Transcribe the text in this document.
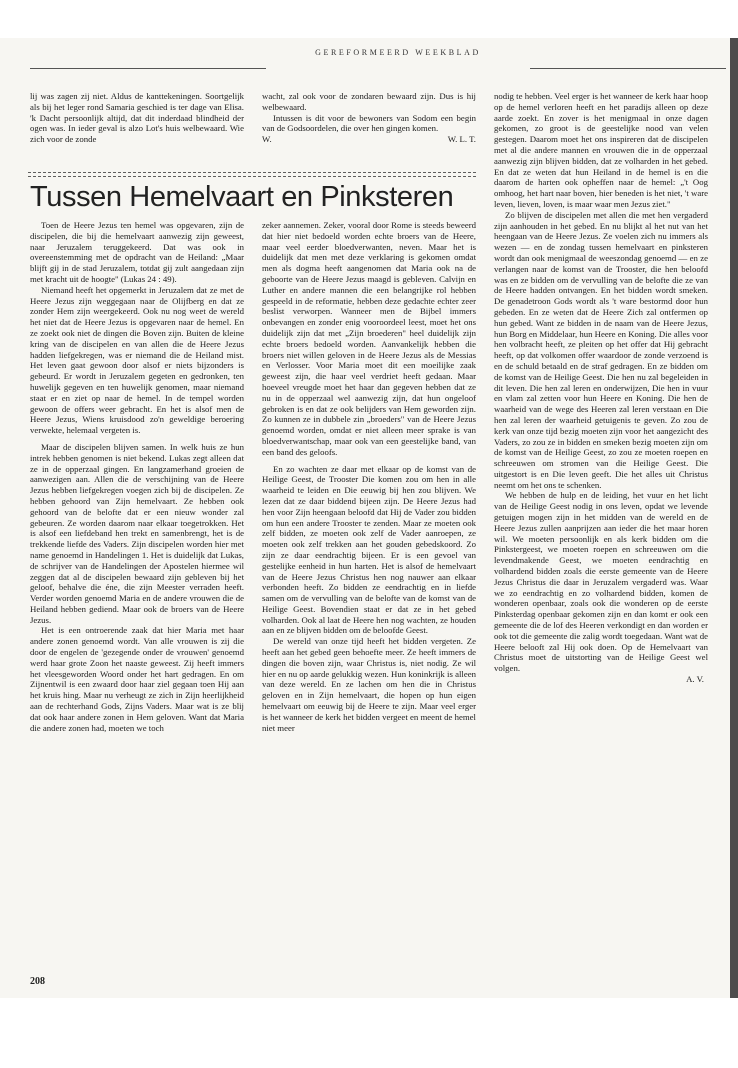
GEREFORMEERD WEEKBLAD

lij was zagen zij niet. Aldus de kanttekeningen. Soortgelijk als bij het leger rond Samaria geschied is ter dage van Elisa. 'k Dacht persoonlijk altijd, dat dit inderdaad blindheid der ogen was. In ieder geval is alzo Lot's huis welbewaard. Wie zich voor de zonde

wacht, zal ook voor de zondaren bewaard zijn. Dus is hij welbewaard.

Intussen is dit voor de bewoners van Sodom een begin van de Godsoordelen, die over hen gingen komen.

W.	W. L. T.
Tussen Hemelvaart en Pinksteren

Toen de Heere Jezus ten hemel was opgevaren, zijn de discipelen, die bij die hemelvaart aanwezig zijn geweest, naar Jeruzalem teruggekeerd. Dat was ook in overeenstemming met de opdracht van de Heiland: „Maar blijft gij in de stad Jeruzalem, totdat gij zult aangedaan zijn met kracht uit de hoogte" (Lukas 24 : 49).

Niemand heeft het opgemerkt in Jeruzalem dat ze met de Heere Jezus zijn weggegaan naar de Olijfberg en dat ze zonder Hem zijn weergekeerd. Ook nu nog weet de wereld het niet dat de Heere Jezus is opgevaren naar de hemel. En ze zoekt ook niet de dingen die Boven zijn. Buiten de kleine kring van de discipelen en van allen die de Heere Jezus hadden liefgekregen, was er niemand die de Heiland mist. Het leven gaat gewoon door alsof er niets bijzonders is gebeurd. Er wordt in Jeruzalem gegeten en gedronken, ten huwelijk gegeven en ten huwelijk genomen, maar niemand staat er en ziet op naar de hemel. In de tempel worden gewoon de offers weer gebracht. En het is alsof men de Heere Jezus, Wiens kruisdood zo'n geweldige beroering verwekte, helemaal vergeten is.

Maar de discipelen blijven samen. In welk huis ze hun intrek hebben genomen is niet bekend. Lukas zegt alleen dat ze in de opperzaal gingen. En langzamerhand groeien de aanwezigen aan. Allen die de verschijning van de Heere Jezus hebben liefgekregen voegen zich bij de discipelen. Ze hebben gehoord van Zijn hemelvaart. Ze hebben ook gehoord van de belofte dat er een nieuw wonder zal gebeuren. Ze worden daarom naar elkaar toegetrokken. Het is alsof een liefdeband hen trekt en samenbrengt, het is de trekkende liefde des Vaders. Zijn discipelen worden hier met name genoemd in Handelingen 1. Het is duidelijk dat Lukas, de schrijver van de Handelingen der Apostelen hiermee wil zeggen dat al de discipelen bewaard zijn gebleven bij het geloof, behalve die éne, die zijn Meester verraden heeft. Verder worden genoemd Maria en de andere vrouwen die de Heiland hebben gediend. Maar ook de broers van de Heere Jezus.

Het is een ontroerende zaak dat hier Maria met haar andere zonen genoemd wordt. Van alle vrouwen is zij die door de engelen de 'gezegende onder de vrouwen' genoemd werd haar grote Zoon het naaste geweest. Zij heeft immers het vleesgeworden Woord onder het hart gedragen. En om Zijnentwil is een zwaard door haar ziel gegaan toen Hij aan het kruis hing. Maar nu verheugt ze zich in Zijn heerlijkheid aan de rechterhand Gods, Zijns Vaders. Maar wat is ze blij dat ook haar andere zonen in Hem geloven. Want dat Maria die andere zonen had, moeten we toch

zeker aannemen. Zeker, vooral door Rome is steeds beweerd dat hier niet bedoeld worden echte broers van de Heere, maar veel eerder bloedverwanten, neven. Maar het is duidelijk dat men met deze verklaring is gekomen omdat men als dogma heeft aangenomen dat Maria ook na de geboorte van de Heere Jezus maagd is gebleven. Calvijn en Luther en andere mannen die een belangrijke rol hebben gespeeld in de reformatie, hebben deze gedachte echter zeer beslist verworpen. Wanneer men de Bijbel immers onbevangen en zonder enig vooroordeel leest, moet het ons duidelijk zijn dat met „Zijn broederen" heel duidelijk zijn echte broers bedoeld worden. Aanvankelijk hebben die broers niet willen geloven in de Heere Jezus als de Messias en Verlosser. Voor Maria moet dit een moeilijke zaak geweest zijn, die haar veel verdriet heeft gedaan. Maar hoeveel vreugde moet het haar dan gegeven hebben dat ze nu in de opperzaal wel aanwezig zijn, dat hun ongeloof gebroken is en dat ze ook belijders van Hem geworden zijn. Zo kunnen ze in dubbele zin „broeders" van de Heere Jezus genoemd worden, omdat er niet alleen meer sprake is van bloedverwantschap, maar ook van een geestelijke band, van een band des geloofs.

En zo wachten ze daar met elkaar op de komst van de Heilige Geest, de Trooster Die komen zou om hen in alle waarheid te leiden en Die eeuwig bij hen zou blijven. We lezen dat ze daar biddend bijeen zijn. De Heere Jezus had hen voor Zijn heengaan beloofd dat Hij de Vader zou bidden om hun een andere Trooster te zenden. Maar ze moeten ook zelf bidden, ze moeten ook zelf de Vader aanroepen, ze moeten ook zelf trekken aan het gouden gebedskoord. Zo zijn ze daar eendrachtig bijeen. Er is een gevoel van gestelijke eenheid in hun harten. Het is alsof de hemelvaart van de Heere Jezus Christus hen nog nauwer aan elkaar verbonden heeft. Zo bidden ze eendrachtig en in liefde samen om de vervulling van de belofte van de komst van de Heilige Geest. Bovendien staat er dat ze in het gebed volharden. Ook al laat de Heere hen nog wachten, ze houden aan en ze blijven bidden om de beloofde Geest.

De wereld van onze tijd heeft het bidden vergeten. Ze heeft aan het gebed geen behoefte meer. Ze heeft immers de dingen die boven zijn, waar Christus is, niet nodig. Ze wil hier en nu op aarde gelukkig wezen. Hun koninkrijk is alleen van deze wereld. En ze lachen om hen die in Christus geloven en in Zijn hemelvaart, die hopen op hun eigen hemelvaart om eeuwig bij de Heere te zijn. Maar veel erger is het wanneer de kerk het bidden vergeet en meent de hemel niet meer

nodig te hebben. Veel erger is het wanneer de kerk haar hoop op de hemel verloren heeft en het paradijs alleen op deze aarde zoekt. En zover is het menigmaal in onze dagen gekomen, zo groot is de geestelijke nood van velen gestegen. Daarom moet het ons inspireren dat de discipelen met al die andere mannen en vrouwen die in de opperzaal aanwezig zijn blijven bidden, dat ze volharden in het gebed. En dat ze weten dat hun Heiland in de hemel is en die daarom de harten ook opheffen naar de hemel: „'t Oog omhoog, het hart naar boven, hier beneden is het niet, 't ware leven, lieven, loven, is maar waar men Jezus ziet."

Zo blijven de discipelen met allen die met hen vergaderd zijn aanhouden in het gebed. En nu blijkt al het nut van het heengaan van de Heere Jezus. Ze voelen zich nu immers als wezen — en de zondag tussen hemelvaart en pinksteren wordt dan ook menigmaal de weeszondag genoemd — en ze verlangen naar de komst van de Trooster, die hen beloofd was en ze bidden om de vervulling van de belofte die ze van de Heere hadden ontvangen. En het bidden wordt smeken. De genadetroon Gods wordt als 't ware bestormd door hun gebeden. En ze weten dat de Heere Zich zal ontfermen op hun gebed. Want ze bidden in de naam van de Heere Jezus, hun Borg en Middelaar, hun Heere en Koning. Die alles voor hen volbracht heeft, ze pleiten op het offer dat Hij gebracht heeft, op dat volkomen offer waardoor de zonde verzoend is en de schuld betaald en de straf gedragen. En ze bidden om de komst van de Heilige Geest. Die hen nu zal begeleiden in dit leven. Die hen zal leren en onderwijzen, Die hen in vuur en vlam zal zetten voor hun Heere en Koning. Die hen de waarheid van de wege des Heeren zal leren verstaan en Die hen zal leren der waarheid getuigenis te geven. Zo zou de kerk van onze tijd bezig moeten zijn voor het aangezicht des Vaders, zo zou ze in bidden en smeken bezig moeten zijn om de komst van de Heilige Geest, zo zou ze moeten roepen en schreeuwen om stromen van die Heilige Geest. Die uitgestort is en Die leven geeft. Die het alles uit Christus neemt om het ons te schenken.

We hebben de hulp en de leiding, het vuur en het licht van de Heilige Geest nodig in ons leven, opdat we levende getuigen mogen zijn in het midden van de wereld en de Heere Jezus zullen aanprijzen aan ieder die het maar horen wil. We moeten persoonlijk en als kerk bidden om die Pinkstergeest, we moeten roepen en schreeuwen om die levendmakende Geest, we moeten eendrachtig en volhardend bidden zoals die eerste gemeente van de Heere Jezus Christus die daar in Jeruzalem vergaderd was. Waar we zo eendrachtig en zo volhardend bidden, komen de wonderen openbaar, zoals ook die wonderen op de eerste Pinksterdag openbaar gekomen zijn en dan komt er ook een gemeente die de lof des Heeren verkondigt en dan worden er ook tot die gemeente die zalig wordt toegedaan. Want wat de Heere belooft zal Hij ook doen. Op de Hemelvaart van Christus moet de uitstorting van de Heilige Geest wel volgen.

A. V.
208
